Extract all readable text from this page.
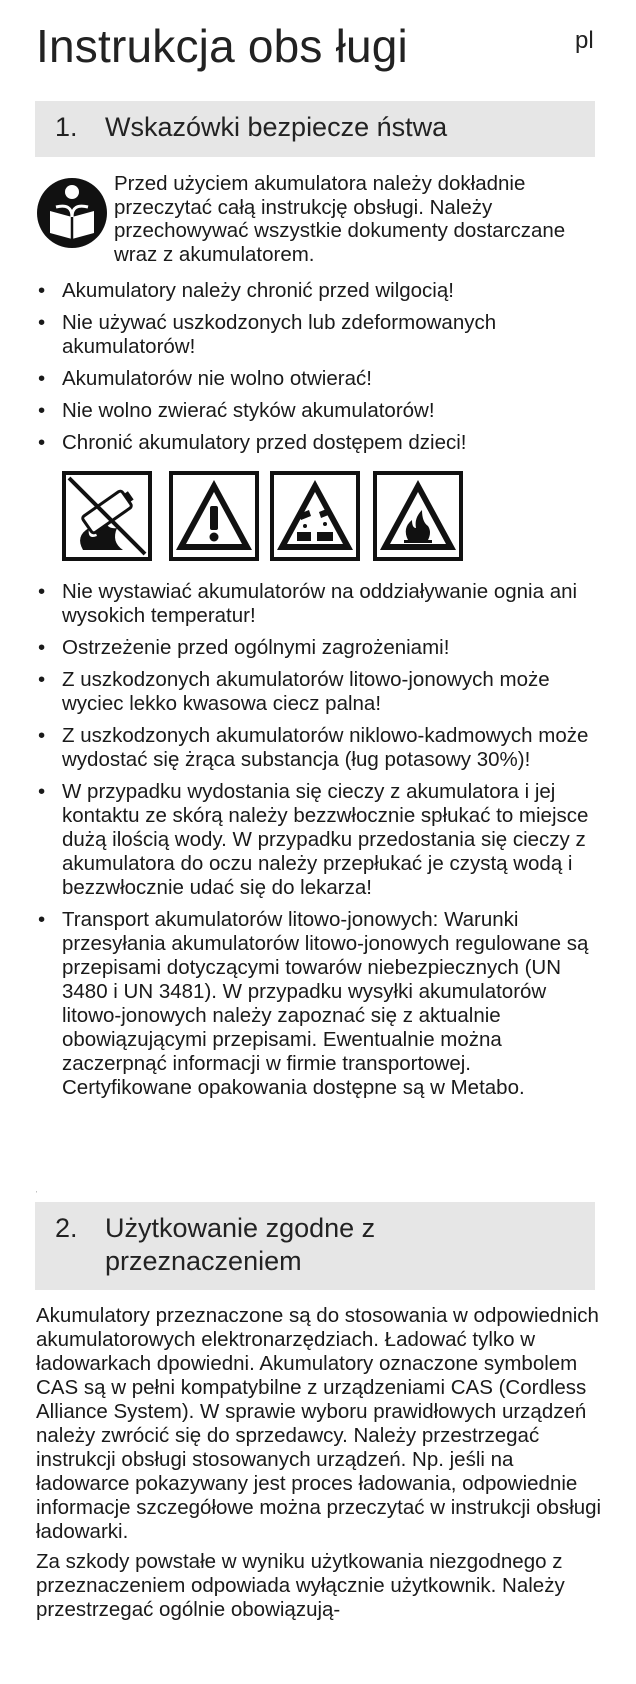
Instrukcja obs ługi	pl
1. Wskazówki bezpiecze ństwa

Przed użyciem akumulatora należy dokładnie przeczytać całą instrukcję obsługi. Należy przechowywać wszystkie dokumenty dostarczane wraz z akumulatorem.

• Akumulatory należy chronić przed wilgocią!
• Nie używać uszkodzonych lub zdeformowanych akumulatorów!
• Akumulatorów nie wolno otwierać!
• Nie wolno zwierać styków akumulatorów!
• Chronić akumulatory przed dostępem dzieci!
• Nie wystawiać akumulatorów na oddziaływanie ognia ani wysokich temperatur!
• Ostrzeżenie przed ogólnymi zagrożeniami!
• Z uszkodzonych akumulatorów litowo-jonowych może wyciec lekko kwasowa ciecz palna!
• Z uszkodzonych akumulatorów niklowo-kadmowych może wydostać się żrąca substancja (ług potasowy 30%)!
• W przypadku wydostania się cieczy z akumulatora i jej kontaktu ze skórą należy bezzwłocznie spłukać to miejsce dużą ilością wody. W przypadku przedostania się cieczy z akumulatora do oczu należy przepłukać je czystą wodą i bezzwłocznie udać się do lekarza!
• Transport akumulatorów litowo-jonowych: Warunki przesyłania akumulatorów litowo-jonowych regulowane są przepisami dotyczącymi towarów niebezpiecznych (UN 3480 i UN 3481). W przypadku wysyłki akumulatorów litowo-jonowych należy zapoznać się z aktualnie obowiązującymi przepisami. Ewentualnie można zaczerpnąć informacji w firmie transportowej. Certyfikowane opakowania dostępne są w Metabo.
'
2. Użytkowanie zgodne z przeznaczeniem

Akumulatory przeznaczone są do stosowania w odpowiednich akumulatorowych elektronarzędziach. Ładować tylko w ładowarkach dpowiedni. Akumulatory oznaczone symbolem CAS są w pełni kompatybilne z urządzeniami CAS (Cordless Alliance System). W sprawie wyboru prawidłowych urządzeń należy zwrócić się do sprzedawcy. Należy przestrzegać instrukcji obsługi stosowanych urządzeń. Np. jeśli na ładowarce pokazywany jest proces ładowania, odpowiednie informacje szczegółowe można przeczytać w instrukcji obsługi ładowarki.

Za szkody powstałe w wyniku użytkowania niezgodnego z przeznaczeniem odpowiada wyłącznie użytkownik. Należy przestrzegać ogólnie obowiązują-
